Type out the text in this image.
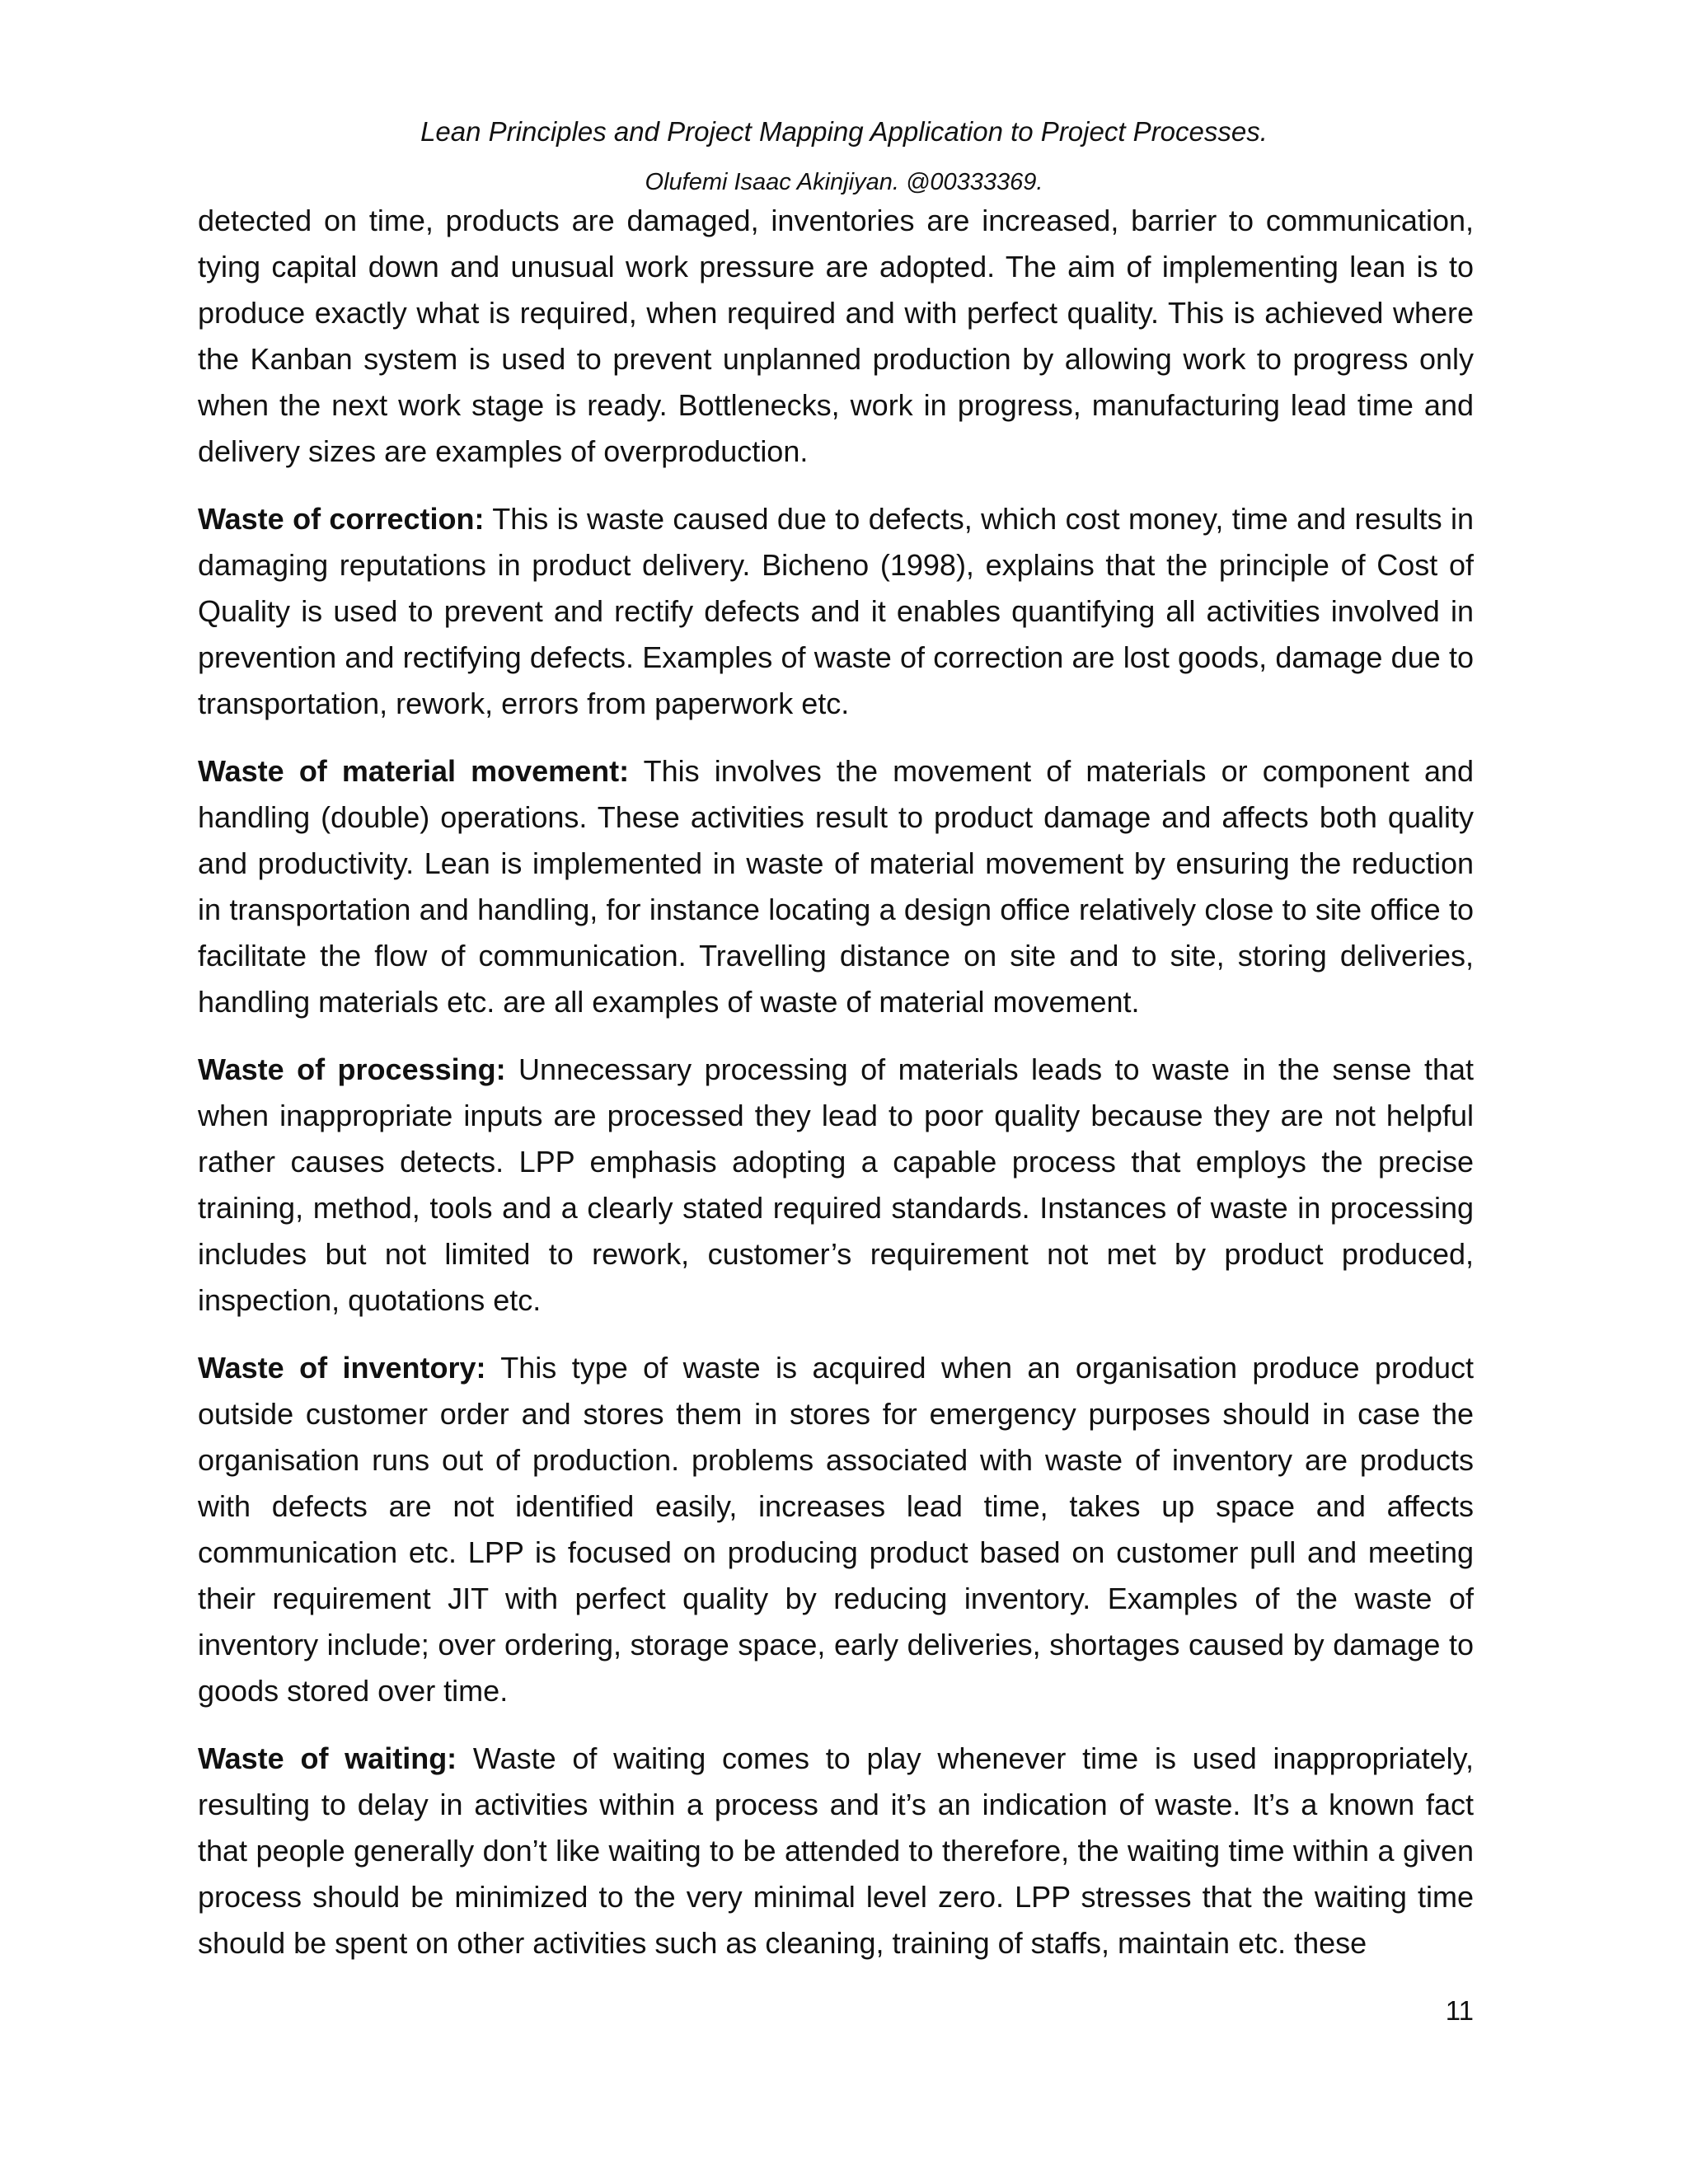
Lean Principles and Project Mapping Application to Project Processes.
Olufemi Isaac Akinjiyan. @00333369.

detected on time, products are damaged, inventories are increased, barrier to communication, tying capital down and unusual work pressure are adopted. The aim of implementing lean is to produce exactly what is required, when required and with perfect quality. This is achieved where the Kanban system is used to prevent unplanned production by allowing work to progress only when the next work stage is ready. Bottlenecks, work in progress, manufacturing lead time and delivery sizes are examples of overproduction.

Waste of correction: This is waste caused due to defects, which cost money, time and results in damaging reputations in product delivery. Bicheno (1998), explains that the principle of Cost of Quality is used to prevent and rectify defects and it enables quantifying all activities involved in prevention and rectifying defects. Examples of waste of correction are lost goods, damage due to transportation, rework, errors from paperwork etc.

Waste of material movement: This involves the movement of materials or component and handling (double) operations. These activities result to product damage and affects both quality and productivity. Lean is implemented in waste of material movement by ensuring the reduction in transportation and handling, for instance locating a design office relatively close to site office to facilitate the flow of communication. Travelling distance on site and to site, storing deliveries, handling materials etc. are all examples of waste of material movement.

Waste of processing: Unnecessary processing of materials leads to waste in the sense that when inappropriate inputs are processed they lead to poor quality because they are not helpful rather causes detects. LPP emphasis adopting a capable process that employs the precise training, method, tools and a clearly stated required standards. Instances of waste in processing includes but not limited to rework, customer’s requirement not met by product produced, inspection, quotations etc.

Waste of inventory: This type of waste is acquired when an organisation produce product outside customer order and stores them in stores for emergency purposes should in case the organisation runs out of production. problems associated with waste of inventory are products with defects are not identified easily, increases lead time, takes up space and affects communication etc. LPP is focused on producing product based on customer pull and meeting their requirement JIT with perfect quality by reducing inventory. Examples of the waste of inventory include; over ordering, storage space, early deliveries, shortages caused by damage to goods stored over time.

Waste of waiting: Waste of waiting comes to play whenever time is used inappropriately, resulting to delay in activities within a process and it’s an indication of waste. It’s a known fact that people generally don’t like waiting to be attended to therefore, the waiting time within a given process should be minimized to the very minimal level zero. LPP stresses that the waiting time should be spent on other activities such as cleaning, training of staffs, maintain etc. these

11
